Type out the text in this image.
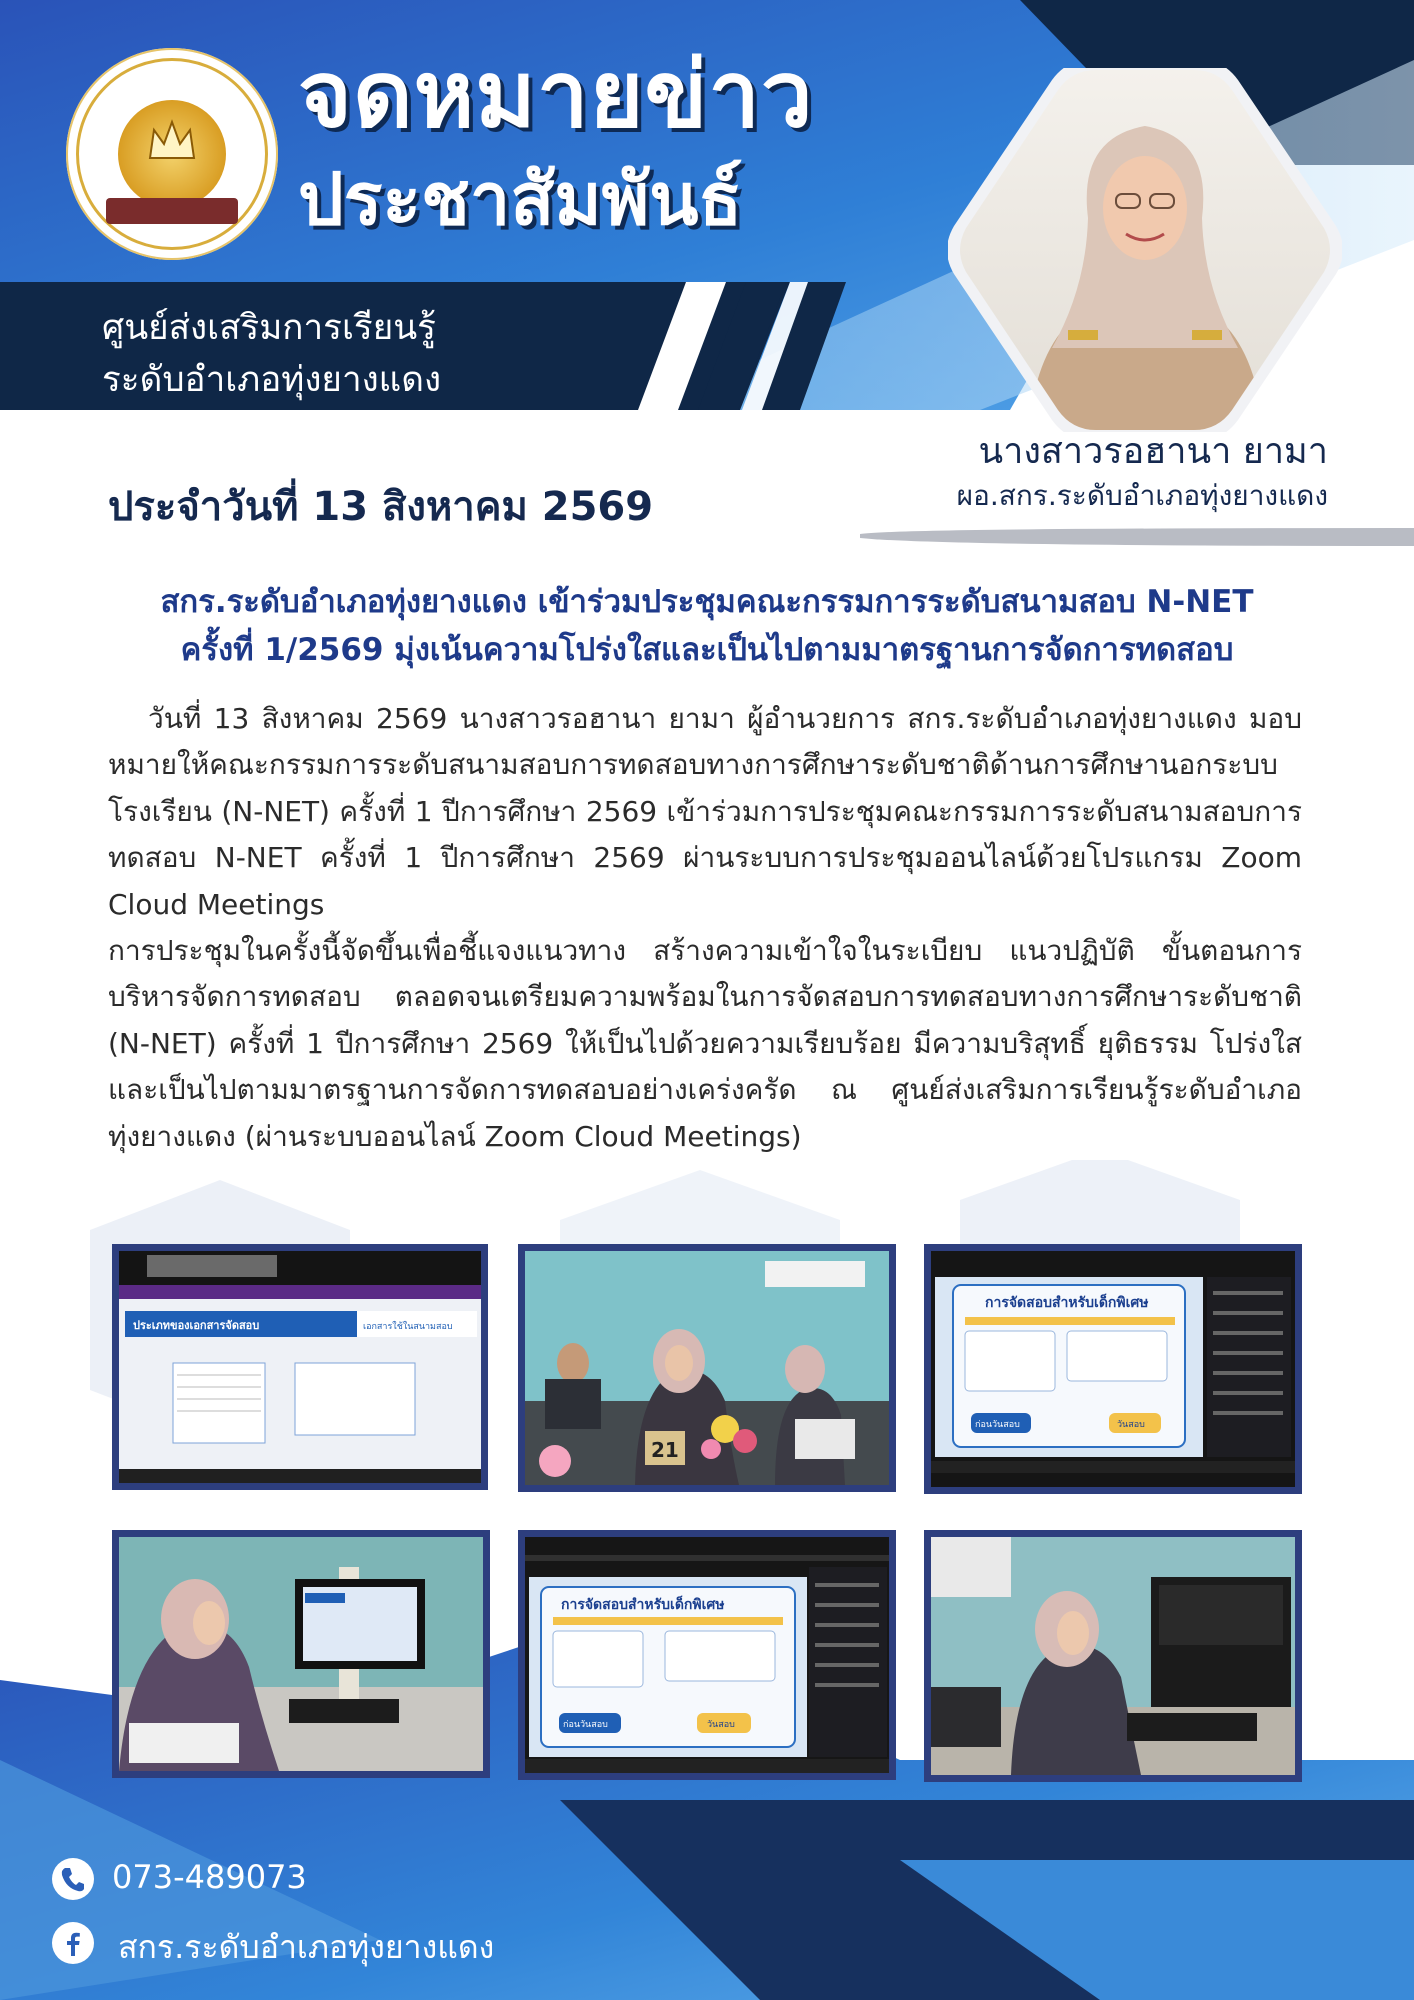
จดหมายข่าว
ประชาสัมพันธ์
ศูนย์ส่งเสริมการเรียนรู้
ระดับอำเภอทุ่งยางแดง
นางสาวรอฮานา ยามา
ผอ.สกร.ระดับอำเภอทุ่งยางแดง
ประจำวันที่ 13 สิงหาคม 2569
สกร.ระดับอำเภอทุ่งยางแดง เข้าร่วมประชุมคณะกรรมการระดับสนามสอบ N-NET
ครั้งที่ 1/2569 มุ่งเน้นความโปร่งใสและเป็นไปตามมาตรฐานการจัดการทดสอบ

วันที่ 13 สิงหาคม 2569 นางสาวรอฮานา ยามา ผู้อำนวยการ สกร.ระดับอำเภอทุ่งยางแดง มอบหมายให้คณะกรรมการระดับสนามสอบการทดสอบทางการศึกษาระดับชาติด้านการศึกษานอกระบบโรงเรียน (N-NET) ครั้งที่ 1 ปีการศึกษา 2569 เข้าร่วมการประชุมคณะกรรมการระดับสนามสอบการทดสอบ N-NET ครั้งที่ 1 ปีการศึกษา 2569 ผ่านระบบการประชุมออนไลน์ด้วยโปรแกรม Zoom Cloud Meetings

การประชุมในครั้งนี้จัดขึ้นเพื่อชี้แจงแนวทาง สร้างความเข้าใจในระเบียบ แนวปฏิบัติ ขั้นตอนการบริหารจัดการทดสอบ ตลอดจนเตรียมความพร้อมในการจัดสอบการทดสอบทางการศึกษาระดับชาติ (N-NET) ครั้งที่ 1 ปีการศึกษา 2569 ให้เป็นไปด้วยความเรียบร้อย มีความบริสุทธิ์ ยุติธรรม โปร่งใส และเป็นไปตามมาตรฐานการจัดการทดสอบอย่างเคร่งครัด ณ ศูนย์ส่งเสริมการเรียนรู้ระดับอำเภอทุ่งยางแดง (ผ่านระบบออนไลน์ Zoom Cloud Meetings)

ประเภทของเอกสารจัดสอบ	เอกสารใช้ในสนามสอบ
21
การจัดสอบสำหรับเด็กพิเศษ
ก่อนวันสอบ	วันสอบ
การจัดสอบสำหรับเด็กพิเศษ
ก่อนวันสอบ	วันสอบ
073-489073
สกร.ระดับอำเภอทุ่งยางแดง
